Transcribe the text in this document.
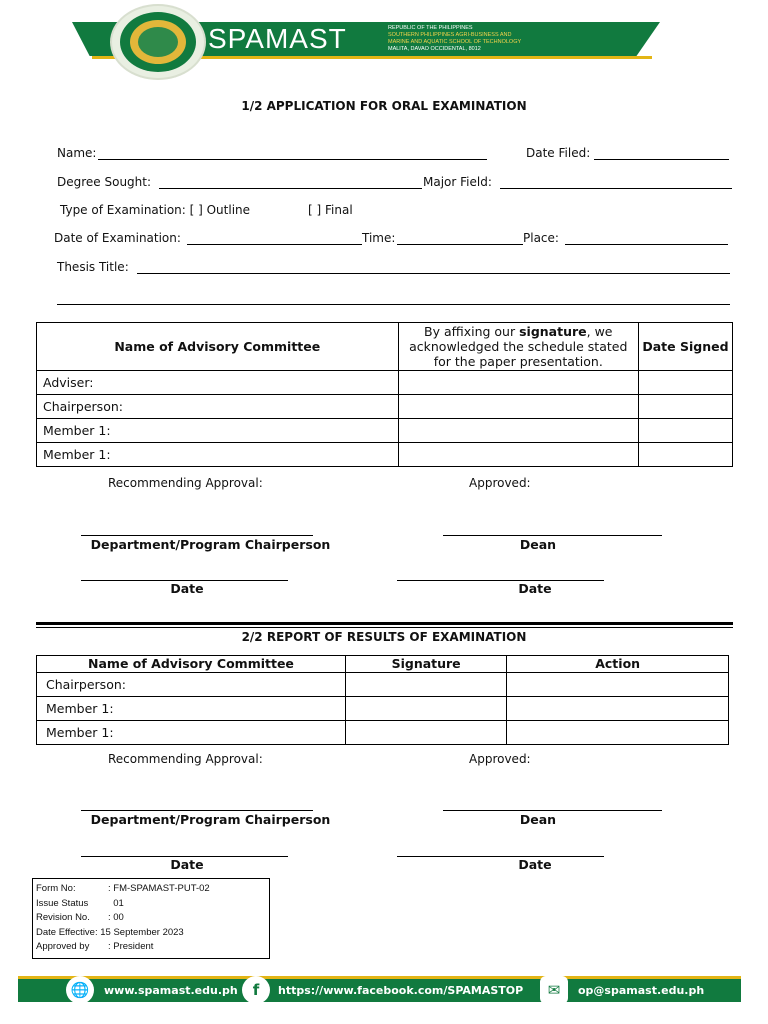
SPAMAST	REPUBLIC OF THE PHILIPPINES
SOUTHERN PHILIPPINES AGRI-BUSINESS AND
MARINE AND AQUATIC SCHOOL OF TECHNOLOGY
MALITA, DAVAO OCCIDENTAL, 8012
1/2 APPLICATION FOR ORAL EXAMINATION
Name:	Date Filed:
Degree Sought:	Major Field:
Type of Examination: [ ] Outline	[ ] Final
Date of Examination:	Time:	Place:
Thesis Title:
Name of Advisory Committee	By affixing our signature, we acknowledged the schedule stated for the paper presentation.	Date Signed
Adviser:		
Chairperson:		
Member 1:		
Member 1:		
Recommending Approval:	Approved:
Department/Program Chairperson	Dean
Date	Date
2/2 REPORT OF RESULTS OF EXAMINATION
Name of Advisory Committee	Signature	Action
Chairperson:		
Member 1:		
Member 1:		
Recommending Approval:	Approved:
Department/Program Chairperson	Dean
Date	Date
Form No:	: FM-SPAMAST-PUT-02
Issue Status  01
Revision No. : 00
Date Effective: 15 September 2023
Approved by : President
🌐	www.spamast.edu.ph	f	https://www.facebook.com/SPAMASTOP	✉	op@spamast.edu.ph
